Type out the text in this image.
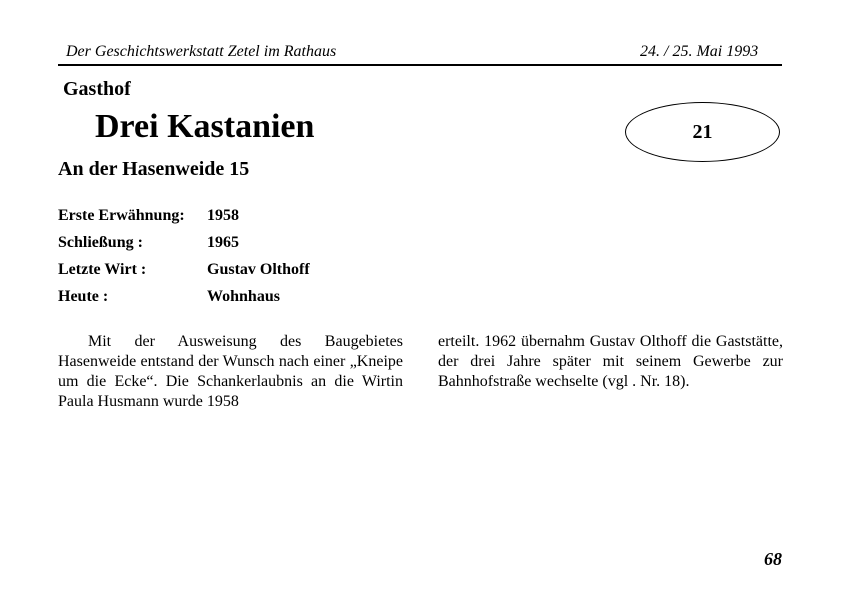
Der Geschichtswerkstatt Zetel im Rathaus	24. / 25. Mai 1993
Gasthof
Drei Kastanien
An der Hasenweide 15
21
Erste Erwähnung: 1958
Schließung :	1965
Letzte Wirt :	Gustav Olthoff
Heute :	Wohnhaus
Mit der Ausweisung des Baugebietes Hasenweide entstand der Wunsch nach einer „Kneipe um die Ecke“. Die Schankerlaubnis an die Wirtin Paula Husmann wurde 1958
erteilt. 1962 übernahm Gustav Olthoff die Gaststätte, der drei Jahre später mit seinem Gewerbe zur Bahnhofstraße wechselte (vgl . Nr. 18).
68
